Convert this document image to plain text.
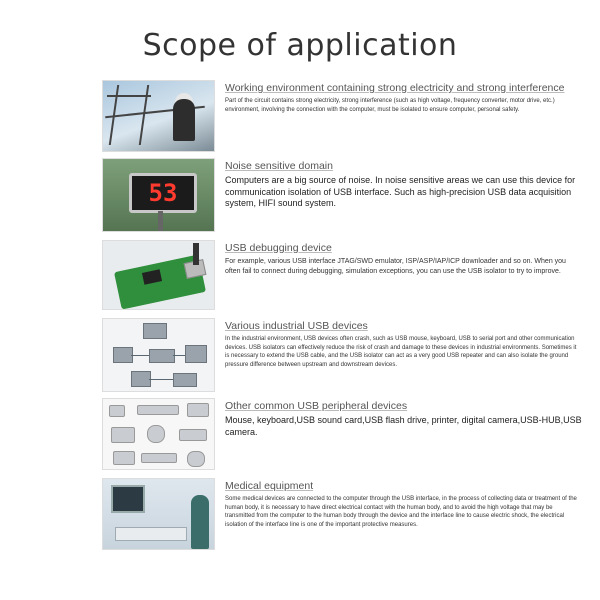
Scope of application
Working environment containing strong electricity and strong interference
Part of the circuit contains strong electricity, strong interference (such as high voltage, frequency converter, motor drive, etc.) environment, involving the connection with the computer, must be isolated to ensure computer, personal safety.
53
Noise sensitive domain
Computers are a big source of noise. In noise sensitive areas we can use this device for communication isolation of USB interface. Such as high-precision USB data acquisition system, HIFI sound system.
USB debugging device
For example, various USB interface JTAG/SWD emulator, ISP/ASP/IAP/ICP downloader and so on. When you often fail to connect during debugging, simulation exceptions, you can use the USB isolator to try to improve.
Various industrial USB devices
In the industrial environment, USB devices often crash, such as USB mouse, keyboard, USB to serial port and other communication devices. USB isolators can effectively reduce the risk of crash and damage to these devices in industrial environments. Sometimes it is necessary to extend the USB cable, and the USB isolator can act as a very good USB repeater and can also isolate the ground pressure difference between upstream and downstream devices.
Other common USB peripheral devices
Mouse, keyboard,USB sound card,USB flash drive, printer, digital camera,USB-HUB,USB camera.
Medical equipment
Some medical devices are connected to the computer through the USB interface, in the process of collecting data or treatment of the human body, it is necessary to have direct electrical contact with the human body, and to avoid the high voltage that may be transmitted from the computer to the human body through the device and the interface line to cause electric shock, the electrical isolation of the interface line is one of the important protective measures.
